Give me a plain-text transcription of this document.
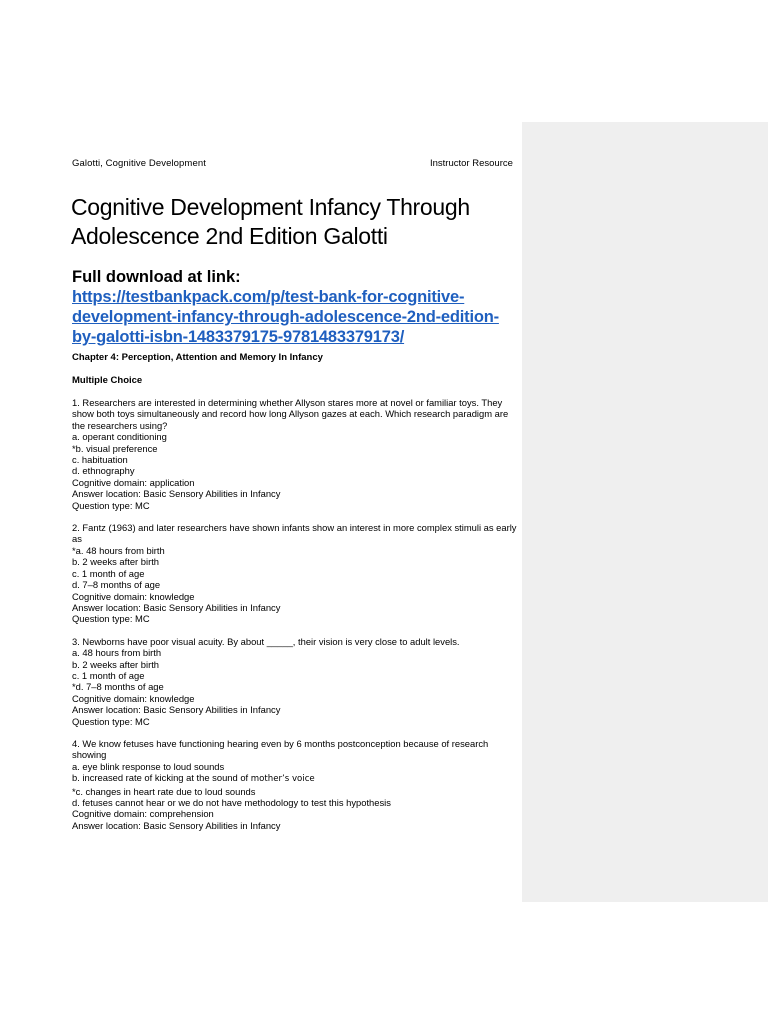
Galotti, Cognitive Development	Instructor Resource
Cognitive Development Infancy Through Adolescence 2nd Edition Galotti
Full download at link:
https://testbankpack.com/p/test-bank-for-cognitive-development-infancy-through-adolescence-2nd-edition-by-galotti-isbn-1483379175-9781483379173/
Chapter 4: Perception, Attention and Memory In Infancy
Multiple Choice
1. Researchers are interested in determining whether Allyson stares more at novel or familiar toys. They show both toys simultaneously and record how long Allyson gazes at each. Which research paradigm are the researchers using?
a. operant conditioning
*b. visual preference
c. habituation
d. ethnography
Cognitive domain: application
Answer location: Basic Sensory Abilities in Infancy
Question type: MC
2. Fantz (1963) and later researchers have shown infants show an interest in more complex stimuli as early as
*a. 48 hours from birth
b. 2 weeks after birth
c. 1 month of age
d. 7–8 months of age
Cognitive domain: knowledge
Answer location: Basic Sensory Abilities in Infancy
Question type: MC
3. Newborns have poor visual acuity. By about _____, their vision is very close to adult levels.
a. 48 hours from birth
b. 2 weeks after birth
c. 1 month of age
*d. 7–8 months of age
Cognitive domain: knowledge
Answer location: Basic Sensory Abilities in Infancy
Question type: MC
4. We know fetuses have functioning hearing even by 6 months postconception because of research showing
a. eye blink response to loud sounds
b. increased rate of kicking at the sound of mother’s voice
*c. changes in heart rate due to loud sounds
d. fetuses cannot hear or we do not have methodology to test this hypothesis
Cognitive domain: comprehension
Answer location: Basic Sensory Abilities in Infancy
